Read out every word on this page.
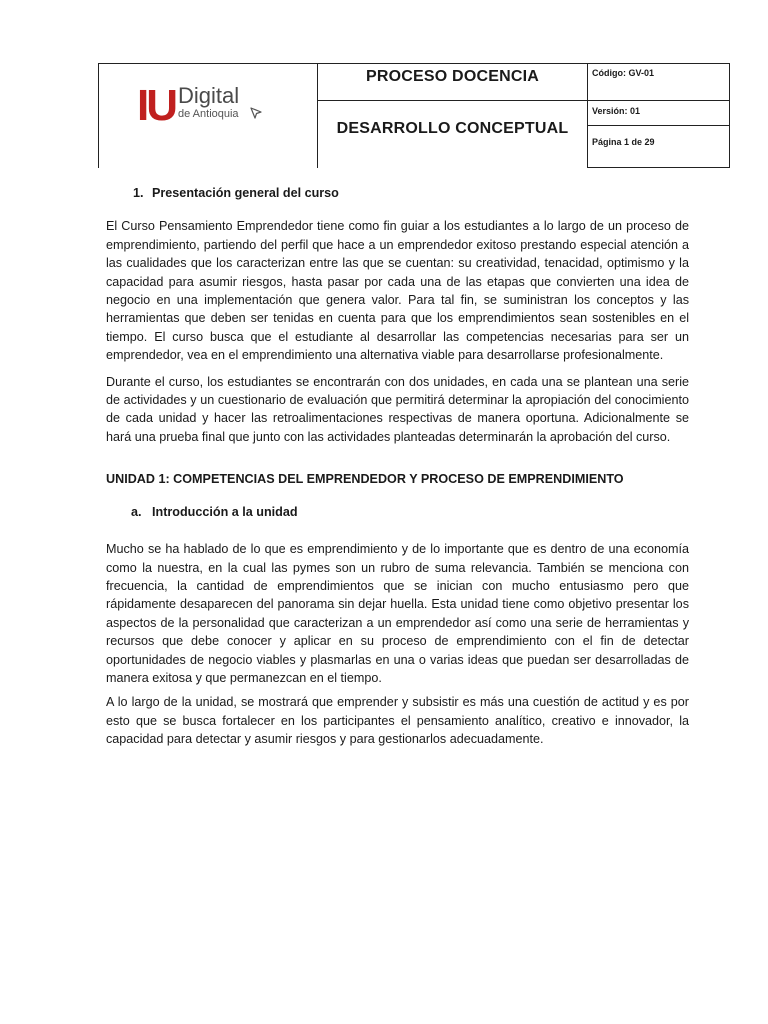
IU Digital
de Antioquia
PROCESO DOCENCIA
DESARROLLO CONCEPTUAL
Código: GV-01
Versión: 01
Página 1 de 29
1. Presentación general del curso

El Curso Pensamiento Emprendedor tiene como fin guiar a los estudiantes a lo largo de un proceso de emprendimiento, partiendo del perfil que hace a un emprendedor exitoso prestando especial atención a las cualidades que los caracterizan entre las que se cuentan: su creatividad, tenacidad, optimismo y la capacidad para asumir riesgos, hasta pasar por cada una de las etapas que convierten una idea de negocio en una implementación que genera valor. Para tal fin, se suministran los conceptos y las herramientas que deben ser tenidas en cuenta para que los emprendimientos sean sostenibles en el tiempo. El curso busca que el estudiante al desarrollar las competencias necesarias para ser un emprendedor, vea en el emprendimiento una alternativa viable para desarrollarse profesionalmente.

Durante el curso, los estudiantes se encontrarán con dos unidades, en cada una se plantean una serie de actividades y un cuestionario de evaluación que permitirá determinar la apropiación del conocimiento de cada unidad y hacer las retroalimentaciones respectivas de manera oportuna. Adicionalmente se hará una prueba final que junto con las actividades planteadas determinarán la aprobación del curso.

UNIDAD 1: COMPETENCIAS DEL EMPRENDEDOR Y PROCESO DE EMPRENDIMIENTO
a. Introducción a la unidad

Mucho se ha hablado de lo que es emprendimiento y de lo importante que es dentro de una economía como la nuestra, en la cual las pymes son un rubro de suma relevancia. También se menciona con frecuencia, la cantidad de emprendimientos que se inician con mucho entusiasmo pero que rápidamente desaparecen del panorama sin dejar huella. Esta unidad tiene como objetivo presentar los aspectos de la personalidad que caracterizan a un emprendedor así como una serie de herramientas y recursos que debe conocer y aplicar en su proceso de emprendimiento con el fin de detectar oportunidades de negocio viables y plasmarlas en una o varias ideas que puedan ser desarrolladas de manera exitosa y que permanezcan en el tiempo.

A lo largo de la unidad, se mostrará que emprender y subsistir es más una cuestión de actitud y es por esto que se busca fortalecer en los participantes el pensamiento analítico, creativo e innovador, la capacidad para detectar y asumir riesgos y para gestionarlos adecuadamente.
